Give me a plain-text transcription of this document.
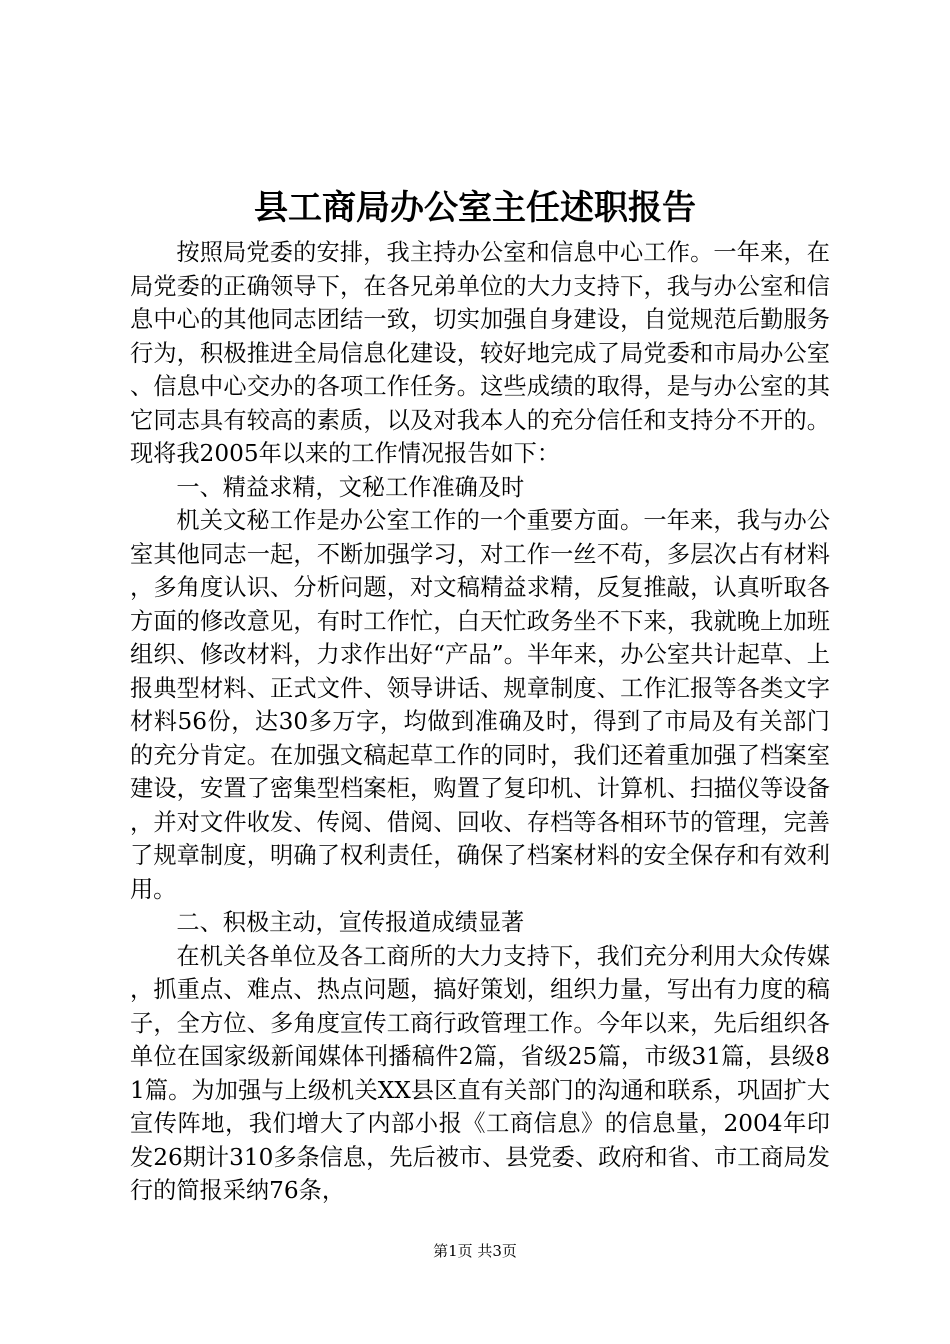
县工商局办公室主任述职报告

按照局党委的安排，我主持办公室和信息中心工作。一年来，在局党委的正确领导下，在各兄弟单位的大力支持下，我与办公室和信息中心的其他同志团结一致，切实加强自身建设，自觉规范后勤服务行为，积极推进全局信息化建设，较好地完成了局党委和市局办公室、信息中心交办的各项工作任务。这些成绩的取得，是与办公室的其它同志具有较高的素质，以及对我本人的充分信任和支持分不开的。现将我2005年以来的工作情况报告如下：

一、精益求精，文秘工作准确及时

机关文秘工作是办公室工作的一个重要方面。一年来，我与办公室其他同志一起，不断加强学习，对工作一丝不苟，多层次占有材料，多角度认识、分析问题，对文稿精益求精，反复推敲，认真听取各方面的修改意见，有时工作忙，白天忙政务坐不下来，我就晚上加班组织、修改材料，力求作出好“产品”。半年来，办公室共计起草、上报典型材料、正式文件、领导讲话、规章制度、工作汇报等各类文字材料56份，达30多万字，均做到准确及时，得到了市局及有关部门的充分肯定。在加强文稿起草工作的同时，我们还着重加强了档案室建设，安置了密集型档案柜，购置了复印机、计算机、扫描仪等设备，并对文件收发、传阅、借阅、回收、存档等各相环节的管理，完善了规章制度，明确了权利责任，确保了档案材料的安全保存和有效利用。

二、积极主动，宣传报道成绩显著

在机关各单位及各工商所的大力支持下，我们充分利用大众传媒，抓重点、难点、热点问题，搞好策划，组织力量，写出有力度的稿子，全方位、多角度宣传工商行政管理工作。今年以来，先后组织各单位在国家级新闻媒体刊播稿件2篇，省级25篇，市级31篇，县级81篇。为加强与上级机关XX县区直有关部门的沟通和联系，巩固扩大宣传阵地，我们增大了内部小报《工商信息》的信息量，2004年印发26期计310多条信息，先后被市、县党委、政府和省、市工商局发行的简报采纳76条，

第1页 共3页
